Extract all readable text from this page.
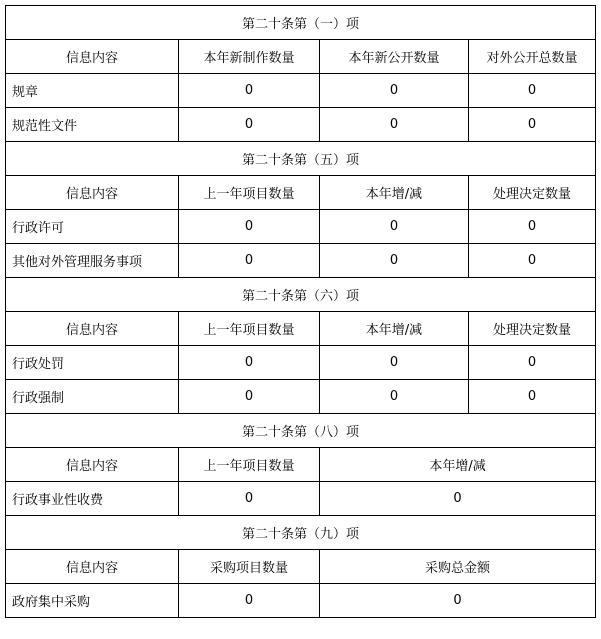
第二十条第（一）项			
信息内容	本年新制作数量	本年新公开数量	对外公开总数量
规章	0	0	0
规范性文件	0	0	0
第二十条第（五）项			
信息内容	上一年项目数量	本年增/减	处理决定数量
行政许可	0	0	0
其他对外管理服务事项	0	0	0
第二十条第（六）项			
信息内容	上一年项目数量	本年增/减	处理决定数量
行政处罚	0	0	0
行政强制	0	0	0
第二十条第（八）项			
信息内容	上一年项目数量	本年增/减	
行政事业性收费	0	0	
第二十条第（九）项			
信息内容	采购项目数量	采购总金额	
政府集中采购	0	0	
